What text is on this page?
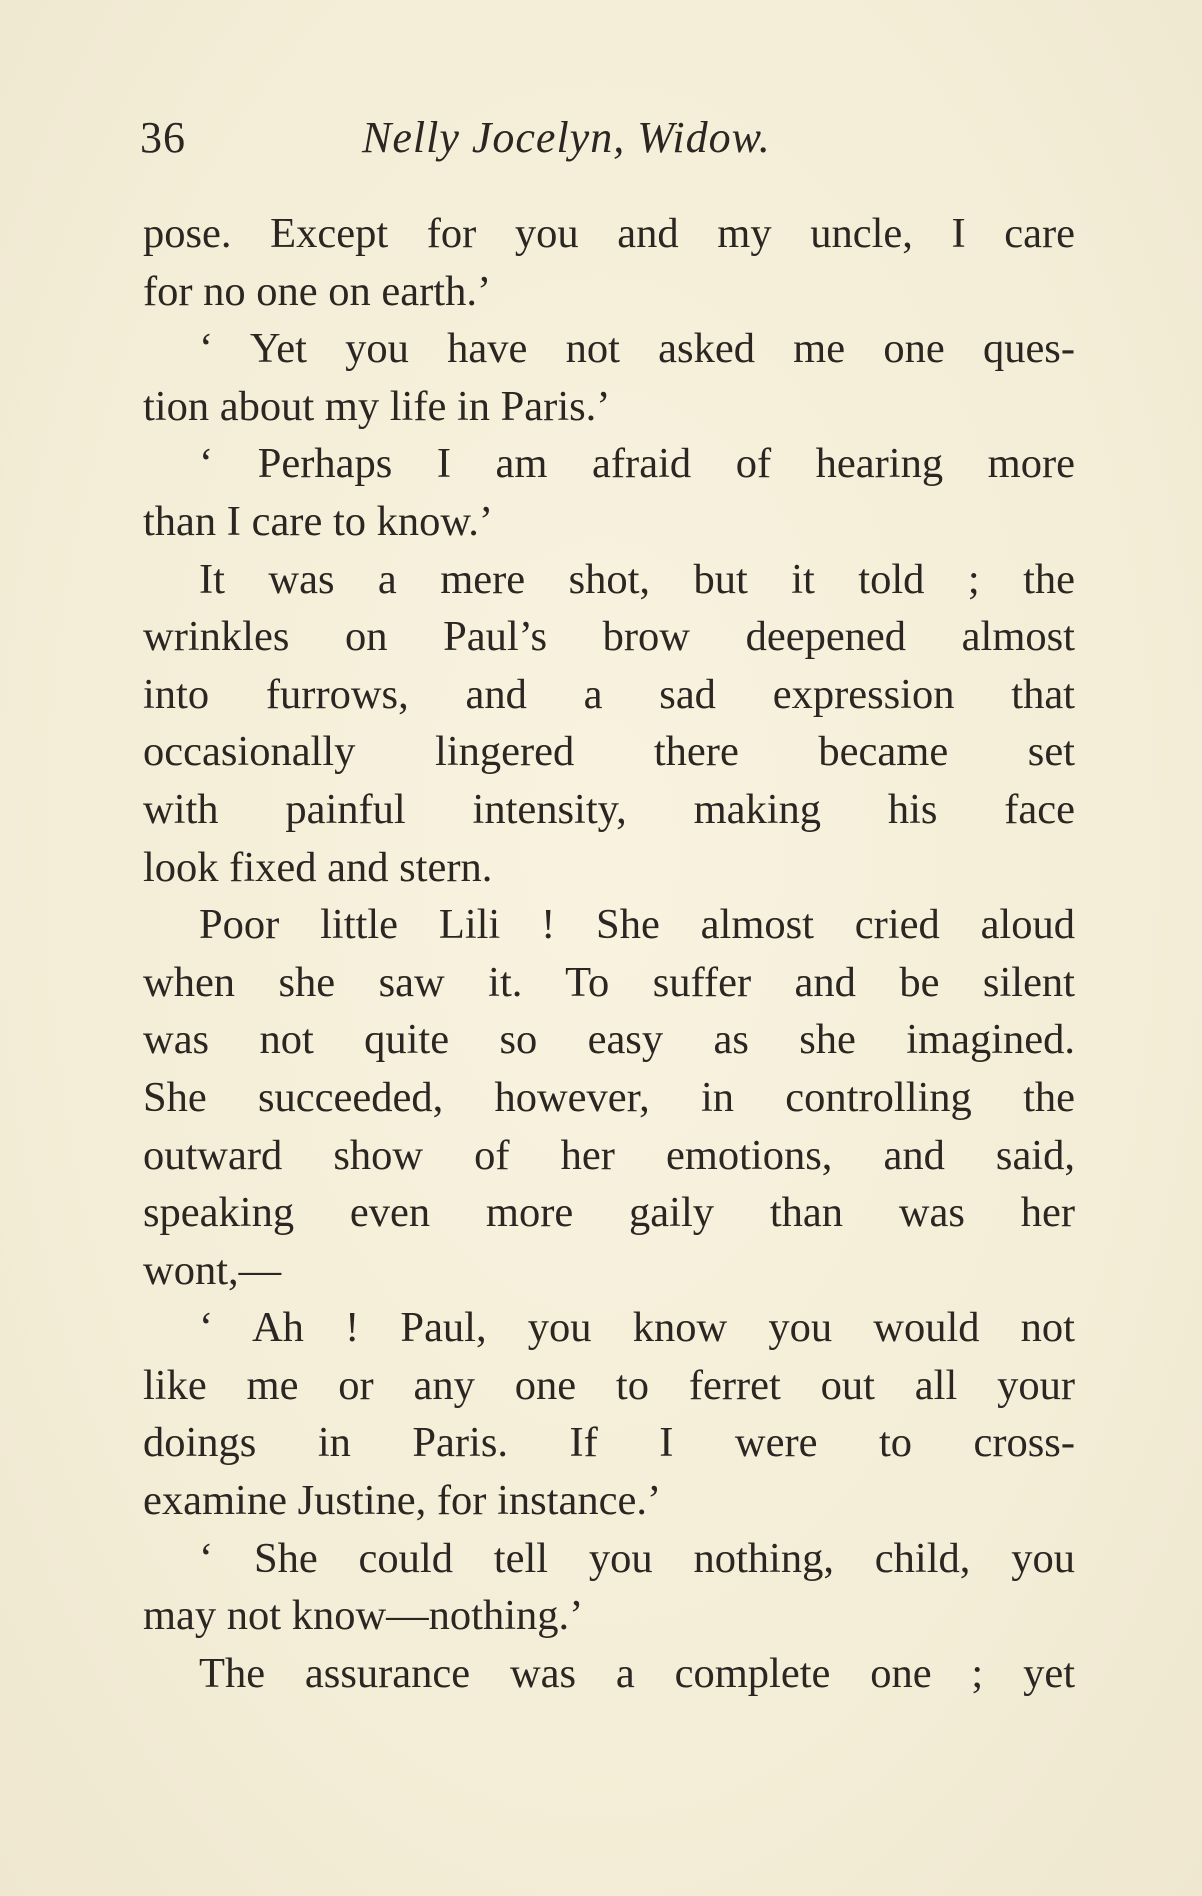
36	Nelly Jocelyn, Widow.
pose. Except for you and my uncle, I care
for no one on earth.’
‘ Yet you have not asked me one ques-
tion about my life in Paris.’
‘ Perhaps I am afraid of hearing more
than I care to know.’
It was a mere shot, but it told ; the
wrinkles on Paul’s brow deepened almost
into furrows, and a sad expression that
occasionally lingered there became set
with painful intensity, making his face
look fixed and stern.
Poor little Lili ! She almost cried aloud
when she saw it. To suffer and be silent
was not quite so easy as she imagined.
She succeeded, however, in controlling the
outward show of her emotions, and said,
speaking even more gaily than was her
wont,—
‘ Ah ! Paul, you know you would not
like me or any one to ferret out all your
doings in Paris. If I were to cross-
examine Justine, for instance.’
‘ She could tell you nothing, child, you
may not know—nothing.’
The assurance was a complete one ; yet
